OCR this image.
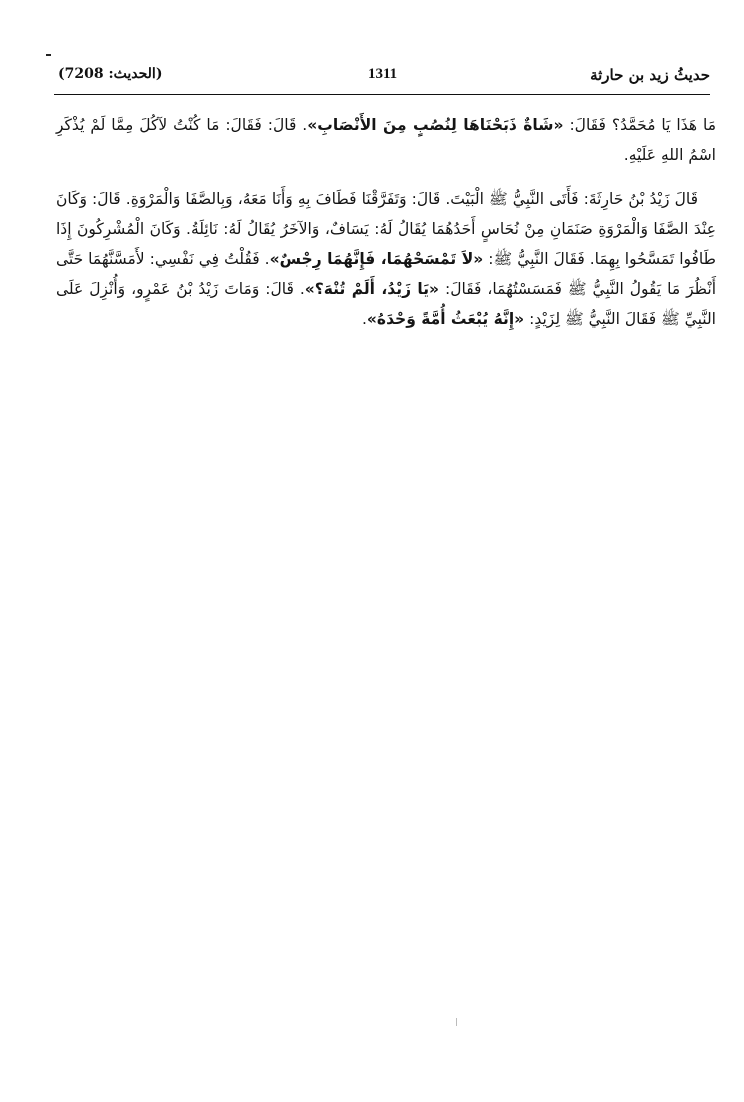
حديثُ زيد بن حارثة
1311
(الحديث: 7208)

مَا هَذَا يَا مُحَمَّدُ؟ فَقَالَ: «شَاةٌ ذَبَحْنَاهَا لِنُصُبٍ مِنَ الأَنْصَابِ». قَالَ: فَقَالَ: مَا كُنْتُ لآكُلَ مِمَّا لَمْ يُذْكَرِ اسْمُ اللهِ عَلَيْهِ.

قَالَ زَيْدُ بْنُ حَارِثَةَ: فَأَتَى النَّبِيُّ ﷺ الْبَيْتَ. قَالَ: وَتَفَرَّقْنَا فَطَافَ بِهِ وَأَنَا مَعَهُ، وَبِالصَّفَا وَالْمَرْوَةِ. قَالَ: وَكَانَ عِنْدَ الصَّفَا وَالْمَرْوَةِ صَنَمَانِ مِنْ نُحَاسٍ أَحَدُهُمَا يُقَالُ لَهُ: يَسَافٌ، وَالآخَرُ يُقَالُ لَهُ: نَائِلَةُ. وَكَانَ الْمُشْرِكُونَ إِذَا طَافُوا تَمَسَّحُوا بِهِمَا. فَقَالَ النَّبِيُّ ﷺ: «لاَ تَمْسَحْهُمَا، فَإِنَّهُمَا رِجْسٌ». فَقُلْتُ فِي نَفْسِي: لأَمَسَّنَّهُمَا حَتَّى أَنْظُرَ مَا يَقُولُ النَّبِيُّ ﷺ فَمَسَسْتُهُمَا، فَقَالَ: «يَا زَيْدُ، أَلَمْ تُنْهَ؟». قَالَ: وَمَاتَ زَيْدُ بْنُ عَمْرٍو، وَأُنْزِلَ عَلَى النَّبِيِّ ﷺ فَقَالَ النَّبِيُّ ﷺ لِزَيْدٍ: «إِنَّهُ يُبْعَثُ أُمَّةً وَحْدَهُ».
